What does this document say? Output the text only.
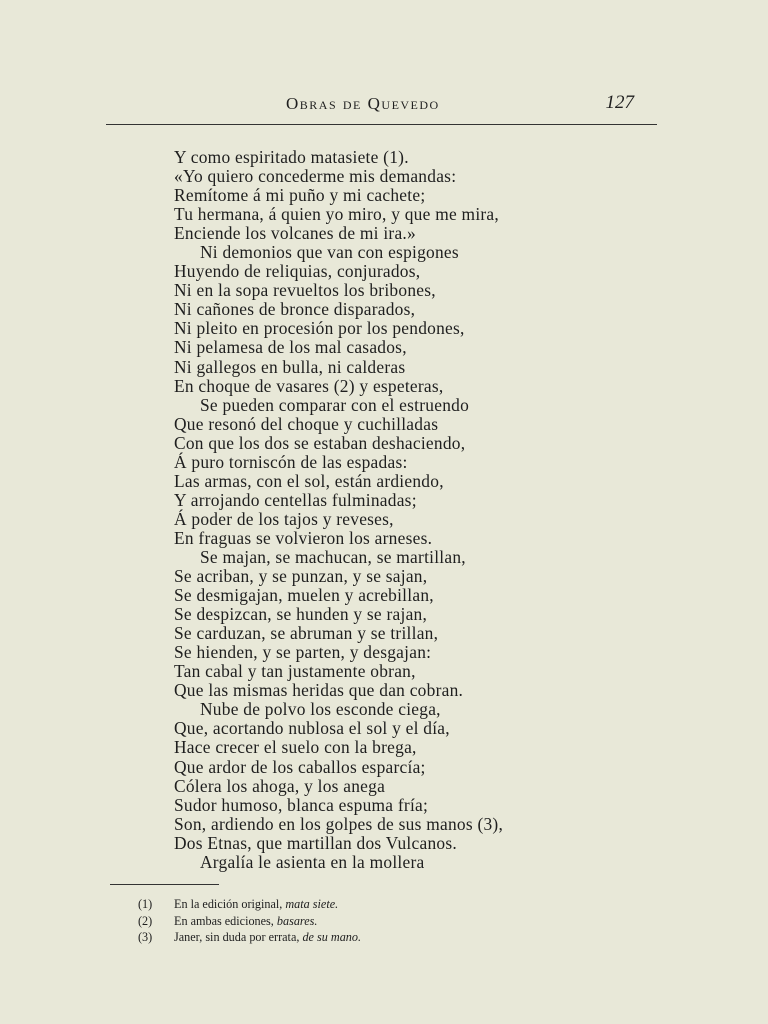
Obras de Quevedo	127
Y como espiritado matasiete (1).
«Yo quiero concederme mis demandas:
Remítome á mi puño y mi cachete;
Tu hermana, á quien yo miro, y que me mira,
Enciende los volcanes de mi ira.»
Ni demonios que van con espigones
Huyendo de reliquias, conjurados,
Ni en la sopa revueltos los bribones,
Ni cañones de bronce disparados,
Ni pleito en procesión por los pendones,
Ni pelamesa de los mal casados,
Ni gallegos en bulla, ni calderas
En choque de vasares (2) y espeteras,
Se pueden comparar con el estruendo
Que resonó del choque y cuchilladas
Con que los dos se estaban deshaciendo,
Á puro torniscón de las espadas:
Las armas, con el sol, están ardiendo,
Y arrojando centellas fulminadas;
Á poder de los tajos y reveses,
En fraguas se volvieron los arneses.
Se majan, se machucan, se martillan,
Se acriban, y se punzan, y se sajan,
Se desmigajan, muelen y acrebillan,
Se despizcan, se hunden y se rajan,
Se carduzan, se abruman y se trillan,
Se hienden, y se parten, y desgajan:
Tan cabal y tan justamente obran,
Que las mismas heridas que dan cobran.
Nube de polvo los esconde ciega,
Que, acortando nublosa el sol y el día,
Hace crecer el suelo con la brega,
Que ardor de los caballos esparcía;
Cólera los ahoga, y los anega
Sudor humoso, blanca espuma fría;
Son, ardiendo en los golpes de sus manos (3),
Dos Etnas, que martillan dos Vulcanos.
Argalía le asienta en la mollera
(1) En la edición original, mata siete.
(2) En ambas ediciones, basares.
(3) Janer, sin duda por errata, de su mano.
